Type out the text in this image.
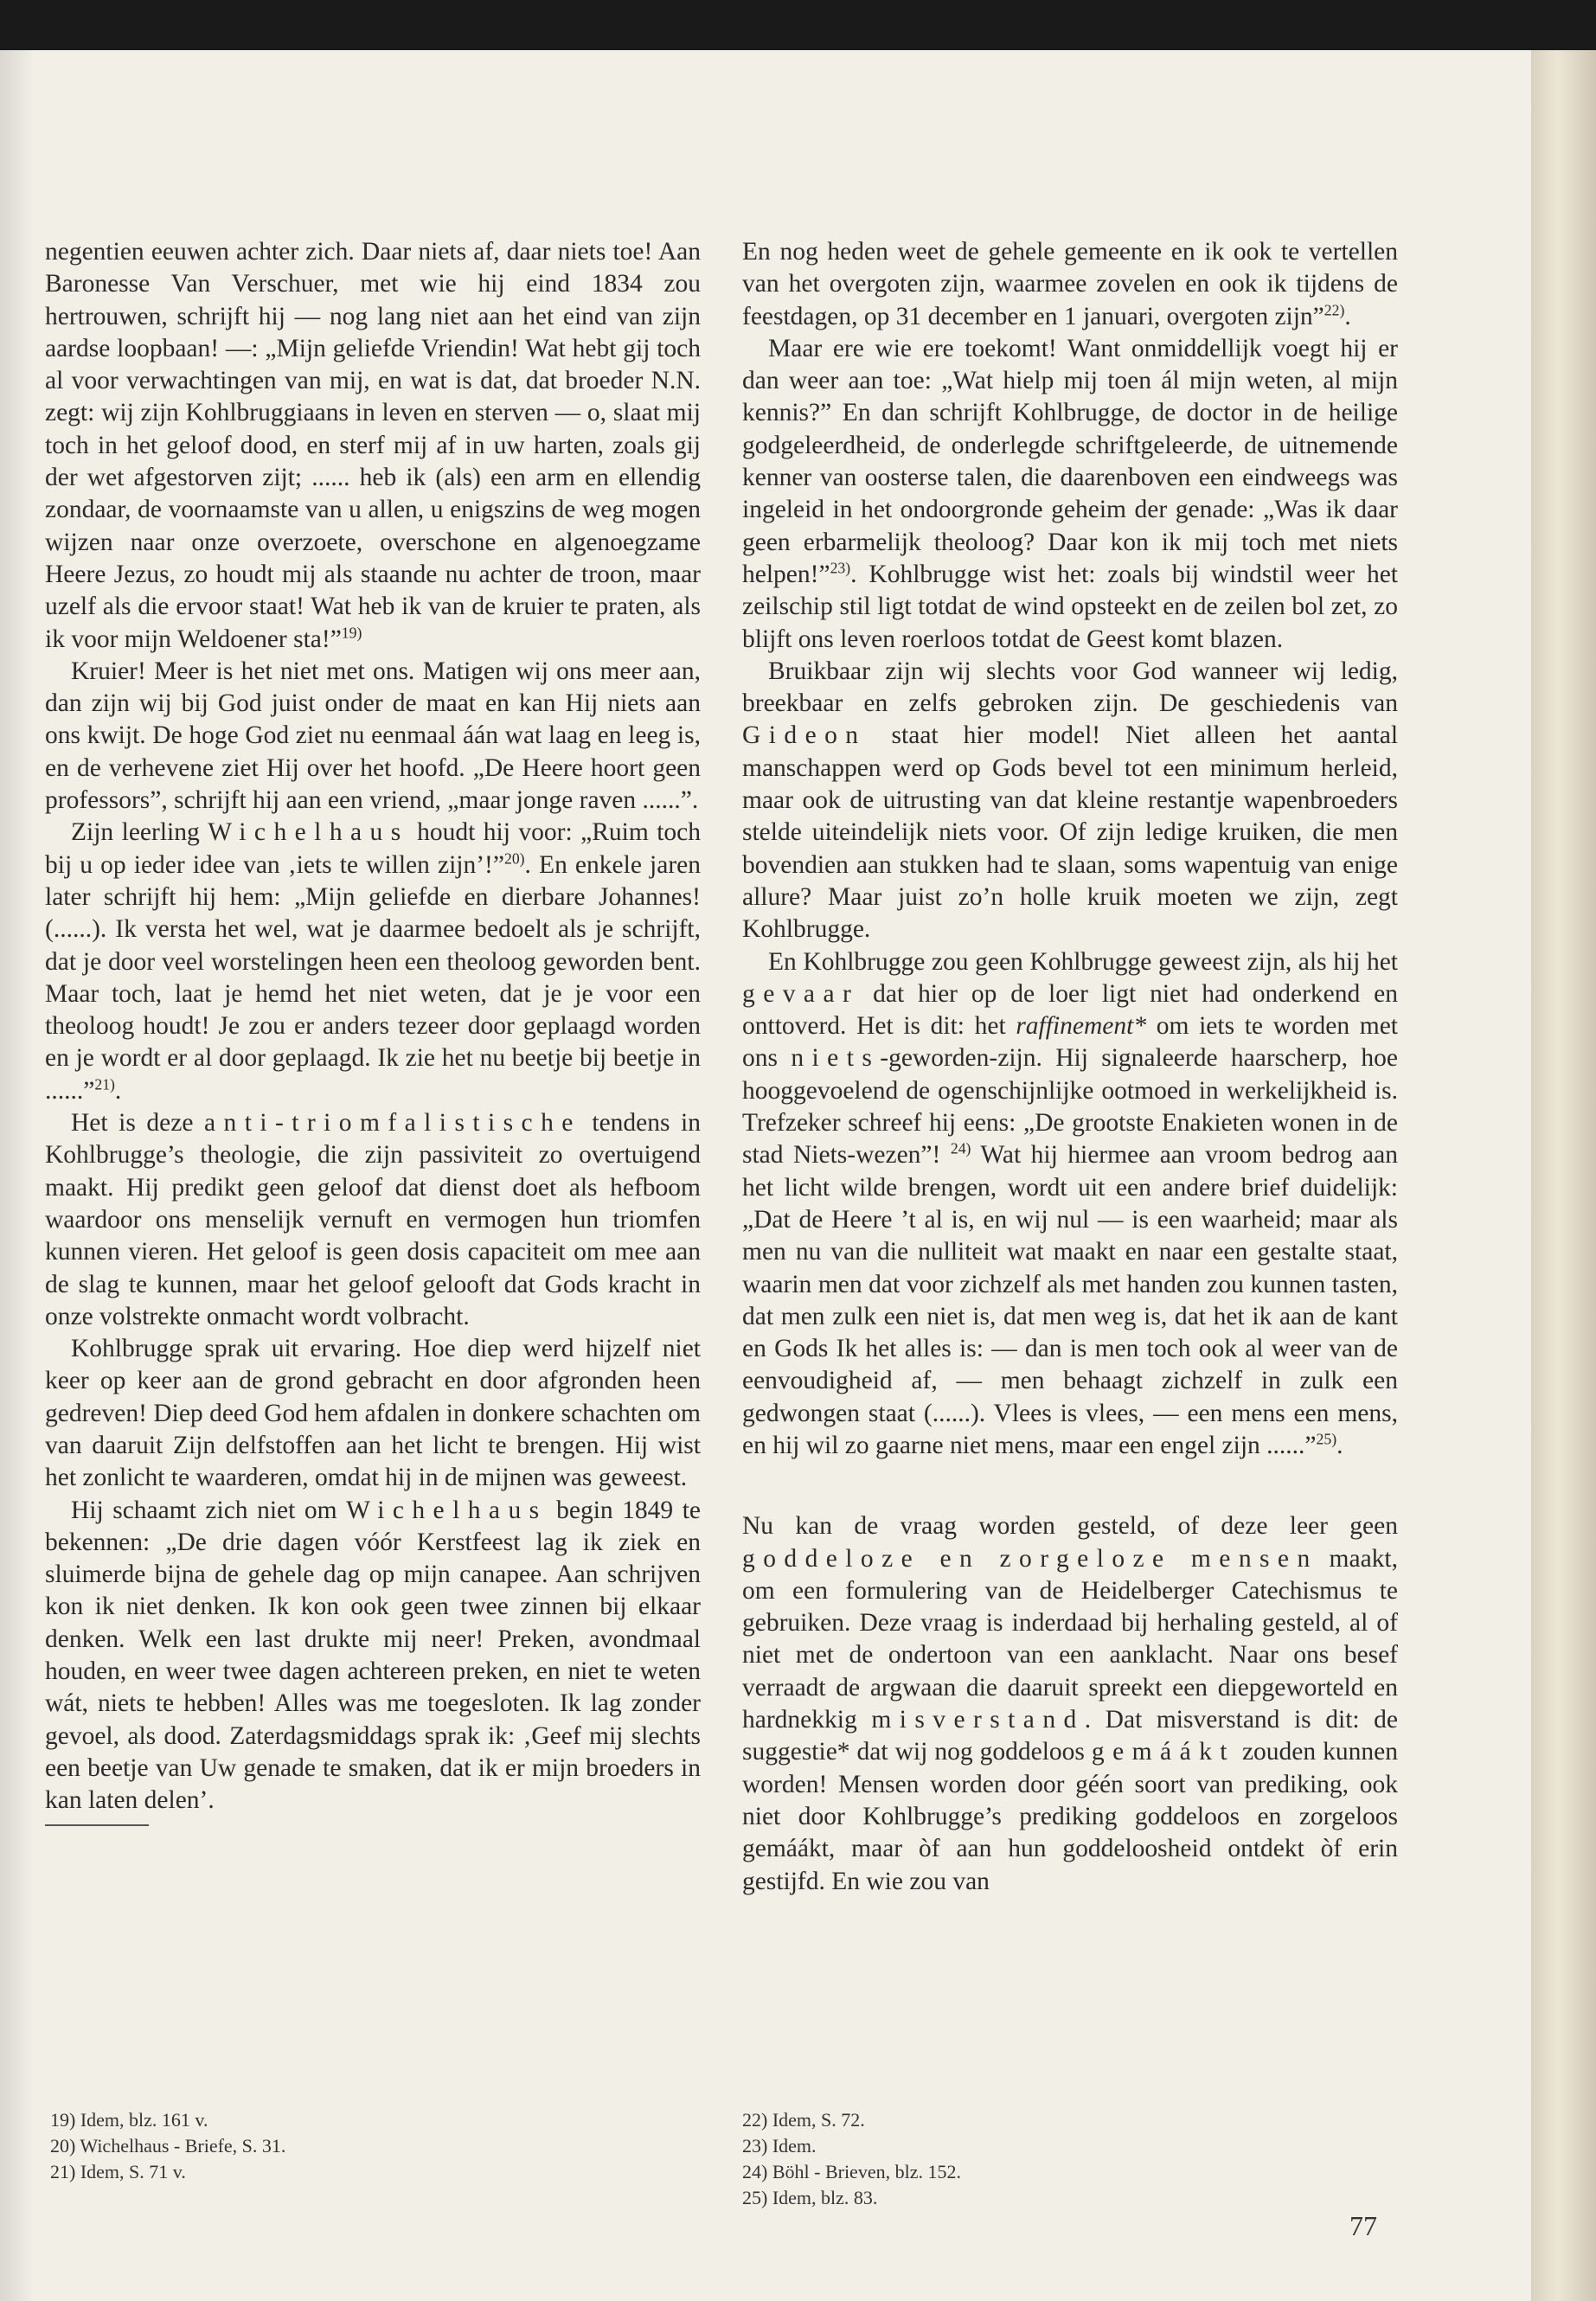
negentien eeuwen achter zich. Daar niets af, daar niets toe! Aan Baronesse Van Verschuer, met wie hij eind 1834 zou hertrouwen, schrijft hij — nog lang niet aan het eind van zijn aardse loopbaan! —: „Mijn geliefde Vriendin! Wat hebt gij toch al voor verwachtingen van mij, en wat is dat, dat broeder N.N. zegt: wij zijn Kohlbruggiaans in leven en sterven — o, slaat mij toch in het geloof dood, en sterf mij af in uw harten, zoals gij der wet afgestorven zijt; ...... heb ik (als) een arm en ellendig zondaar, de voornaamste van u allen, u enigszins de weg mogen wijzen naar onze overzoete, overschone en algenoegzame Heere Jezus, zo houdt mij als staande nu achter de troon, maar uzelf als die ervoor staat! Wat heb ik van de kruier te praten, als ik voor mijn Weldoener sta!”$^{19)}$

Kruier! Meer is het niet met ons. Matigen wij ons meer aan, dan zijn wij bij God juist onder de maat en kan Hij niets aan ons kwijt. De hoge God ziet nu eenmaal áán wat laag en leeg is, en de verhevene ziet Hij over het hoofd. „De Heere hoort geen professors”, schrijft hij aan een vriend, „maar jonge raven ......”.

Zijn leerling Wichelhaus houdt hij voor: „Ruim toch bij u op ieder idee van ‚iets te willen zijn’!”$^{20)}$. En enkele jaren later schrijft hij hem: „Mijn geliefde en dierbare Johannes! (......). Ik versta het wel, wat je daarmee bedoelt als je schrijft, dat je door veel worstelingen heen een theoloog geworden bent. Maar toch, laat je hemd het niet weten, dat je je voor een theoloog houdt! Je zou er anders tezeer door geplaagd worden en je wordt er al door geplaagd. Ik zie het nu beetje bij beetje in ......”$^{21)}$.

Het is deze anti-triomfalistische tendens in Kohlbrugge’s theologie, die zijn passiviteit zo overtuigend maakt. Hij predikt geen geloof dat dienst doet als hefboom waardoor ons menselijk vernuft en vermogen hun triomfen kunnen vieren. Het geloof is geen dosis capaciteit om mee aan de slag te kunnen, maar het geloof gelooft dat Gods kracht in onze volstrekte onmacht wordt volbracht.

Kohlbrugge sprak uit ervaring. Hoe diep werd hijzelf niet keer op keer aan de grond gebracht en door afgronden heen gedreven! Diep deed God hem afdalen in donkere schachten om van daaruit Zijn delfstoffen aan het licht te brengen. Hij wist het zonlicht te waarderen, omdat hij in de mijnen was geweest.

Hij schaamt zich niet om Wichelhaus begin 1849 te bekennen: „De drie dagen vóór Kerstfeest lag ik ziek en sluimerde bijna de gehele dag op mijn canapee. Aan schrijven kon ik niet denken. Ik kon ook geen twee zinnen bij elkaar denken. Welk een last drukte mij neer! Preken, avondmaal houden, en weer twee dagen achtereen preken, en niet te weten wát, niets te hebben! Alles was me toegesloten. Ik lag zonder gevoel, als dood. Zaterdagsmiddags sprak ik: ‚Geef mij slechts een beetje van Uw genade te smaken, dat ik er mijn broeders in kan laten delen’.

En nog heden weet de gehele gemeente en ik ook te vertellen van het overgoten zijn, waarmee zovelen en ook ik tijdens de feestdagen, op 31 december en 1 januari, overgoten zijn”$^{22)}$.

Maar ere wie ere toekomt! Want onmiddellijk voegt hij er dan weer aan toe: „Wat hielp mij toen ál mijn weten, al mijn kennis?” En dan schrijft Kohlbrugge, de doctor in de heilige godgeleerdheid, de onderlegde schriftgeleerde, de uitnemende kenner van oosterse talen, die daarenboven een eindweegs was ingeleid in het ondoorgronde geheim der genade: „Was ik daar geen erbarmelijk theoloog? Daar kon ik mij toch met niets helpen!”$^{23)}$. Kohlbrugge wist het: zoals bij windstil weer het zeilschip stil ligt totdat de wind opsteekt en de zeilen bol zet, zo blijft ons leven roerloos totdat de Geest komt blazen.

Bruikbaar zijn wij slechts voor God wanneer wij ledig, breekbaar en zelfs gebroken zijn. De geschiedenis van Gideon staat hier model! Niet alleen het aantal manschappen werd op Gods bevel tot een minimum herleid, maar ook de uitrusting van dat kleine restantje wapenbroeders stelde uiteindelijk niets voor. Of zijn ledige kruiken, die men bovendien aan stukken had te slaan, soms wapentuig van enige allure? Maar juist zo’n holle kruik moeten we zijn, zegt Kohlbrugge.

En Kohlbrugge zou geen Kohlbrugge geweest zijn, als hij het gevaar dat hier op de loer ligt niet had onderkend en onttoverd. Het is dit: het raffinement* om iets te worden met ons niets-geworden-zijn. Hij signaleerde haarscherp, hoe hooggevoelend de ogenschijnlijke ootmoed in werkelijkheid is. Trefzeker schreef hij eens: „De grootste Enakieten wonen in de stad Niets-wezen”! $^{24)}$ Wat hij hiermee aan vroom bedrog aan het licht wilde brengen, wordt uit een andere brief duidelijk: „Dat de Heere ’t al is, en wij nul — is een waarheid; maar als men nu van die nulliteit wat maakt en naar een gestalte staat, waarin men dat voor zichzelf als met handen zou kunnen tasten, dat men zulk een niet is, dat men weg is, dat het ik aan de kant en Gods Ik het alles is: — dan is men toch ook al weer van de eenvoudigheid af, — men behaagt zichzelf in zulk een gedwongen staat (......). Vlees is vlees, — een mens een mens, en hij wil zo gaarne niet mens, maar een engel zijn ......”$^{25)}$.

Nu kan de vraag worden gesteld, of deze leer geen goddeloze en zorgeloze mensen maakt, om een formulering van de Heidelberger Catechismus te gebruiken. Deze vraag is inderdaad bij herhaling gesteld, al of niet met de ondertoon van een aanklacht. Naar ons besef verraadt de argwaan die daaruit spreekt een diepgeworteld en hardnekkig misverstand. Dat misverstand is dit: de suggestie* dat wij nog goddeloos gemáákt zouden kunnen worden! Mensen worden door géén soort van prediking, ook niet door Kohlbrugge’s prediking goddeloos en zorgeloos gemáákt, maar òf aan hun goddeloosheid ontdekt òf erin gestijfd. En wie zou van

19) Idem, blz. 161 v.
20) Wichelhaus - Briefe, S. 31.
21) Idem, S. 71 v.
22) Idem, S. 72.
23) Idem.
24) Böhl - Brieven, blz. 152.
25) Idem, blz. 83.
77
